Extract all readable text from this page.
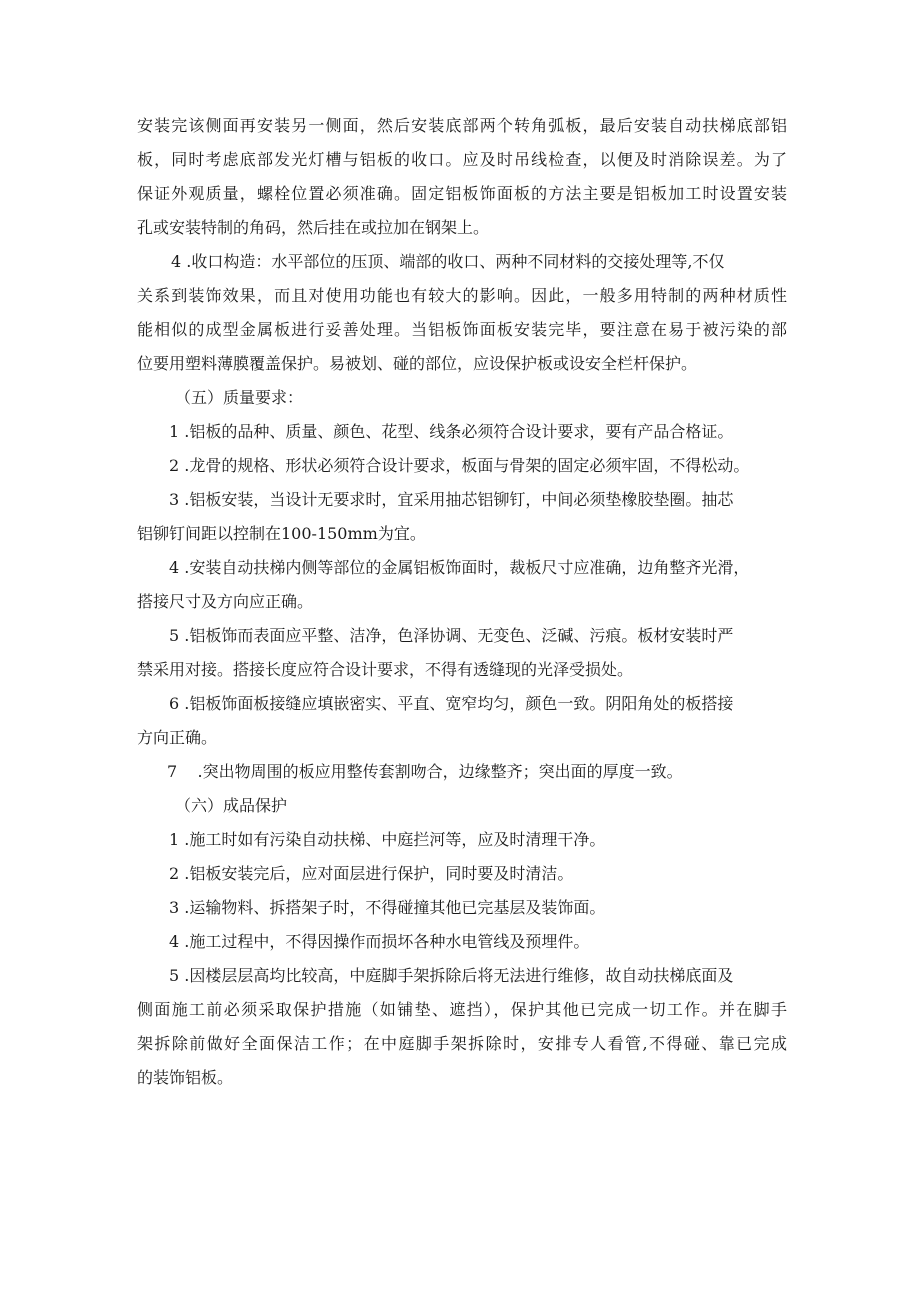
安装完该侧面再安装另一侧面，然后安装底部两个转角弧板，最后安装自动扶梯底部铝

板，同时考虑底部发光灯槽与铝板的收口。应及时吊线检查，以便及时消除误差。为了

保证外观质量，螺栓位置必须准确。固定铝板饰面板的方法主要是铝板加工时设置安装

孔或安装特制的角码，然后挂在或拉加在钢架上。

4 .收口构造：水平部位的压顶、端部的收口、两种不同材料的交接处理等,不仅

关系到装饰效果，而且对使用功能也有较大的影响。因此，一般多用特制的两种材质性

能相似的成型金属板进行妥善处理。当铝板饰面板安装完毕，要注意在易于被污染的部

位要用塑料薄膜覆盖保护。易被划、碰的部位，应设保护板或设安全栏杆保护。

（五）质量要求：

1 .铝板的品种、质量、颜色、花型、线条必须符合设计要求，要有产品合格证。

2 .龙骨的规格、形状必须符合设计要求，板面与骨架的固定必须牢固，不得松动。

3 .铝板安装，当设计无要求时，宜采用抽芯铝铆钉，中间必须垫橡胶垫圈。抽芯

铝铆钉间距以控制在100-150mm为宜。

4 .安装自动扶梯内侧等部位的金属铝板饰面时，裁板尺寸应准确，边角整齐光滑，

搭接尺寸及方向应正确。

5 .铝板饰而表面应平整、洁净，色泽协调、无变色、泛碱、污痕。板材安装时严

禁采用对接。搭接长度应符合设计要求，不得有透缝现的光泽受损处。

6 .铝板饰面板接缝应填嵌密实、平直、宽窄均匀，颜色一致。阴阳角处的板搭接

方向正确。

7    .突出物周围的板应用整传套割吻合，边缘整齐；突出面的厚度一致。

（六）成品保护

1 .施工时如有污染自动扶梯、中庭拦河等，应及时清理干净。

2 .铝板安装完后，应对面层进行保护，同时要及时清洁。

3 .运输物料、拆搭架子时，不得碰撞其他已完基层及装饰面。

4 .施工过程中，不得因操作而损坏各种水电管线及预埋件。

5 .因楼层层高均比较高，中庭脚手架拆除后将无法进行维修，故自动扶梯底面及

侧面施工前必须采取保护措施（如铺垫、遮挡），保护其他已完成一切工作。并在脚手

架拆除前做好全面保洁工作；在中庭脚手架拆除时，安排专人看管,不得碰、靠已完成

的装饰铝板。
